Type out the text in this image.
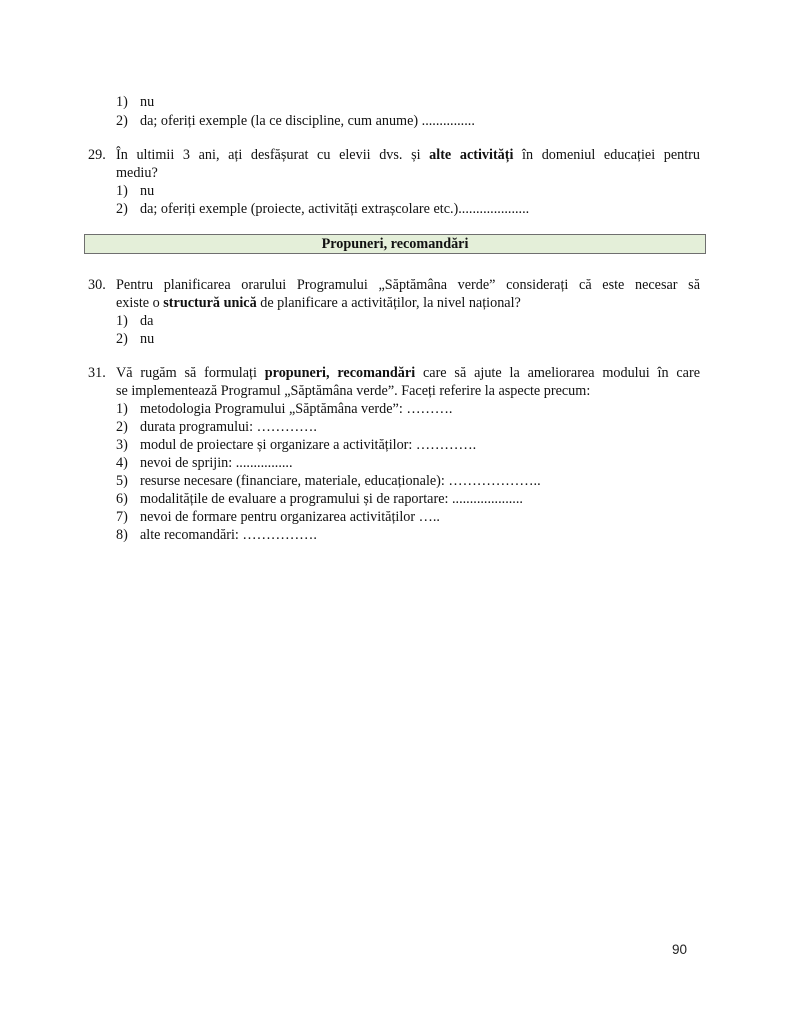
1) nu
2) da; oferiți exemple (la ce discipline, cum anume) ...............
29. În ultimii 3 ani, ați desfășurat cu elevii dvs. și alte activități în domeniul educației pentru
mediu?
1) nu
2) da; oferiți exemple (proiecte, activități extrașcolare etc.)....................
Propuneri, recomandări
30. Pentru planificarea orarului Programului „Săptămâna verde” considerați că este necesar să
existe o structură unică de planificare a activităților, la nivel național?
1) da
2) nu
31. Vă rugăm să formulați propuneri, recomandări care să ajute la ameliorarea modului în care
se implementează Programul „Săptămâna verde”. Faceți referire la aspecte precum:
1) metodologia Programului „Săptămâna verde”: ……….
2) durata programului: ………….
3) modul de proiectare și organizare a activităților: ………….
4) nevoi de sprijin: ................
5) resurse necesare (financiare, materiale, educaționale): ………………..
6) modalitățile de evaluare a programului și de raportare: ....................
7) nevoi de formare pentru organizarea activităților …..
8) alte recomandări: …………….
90
